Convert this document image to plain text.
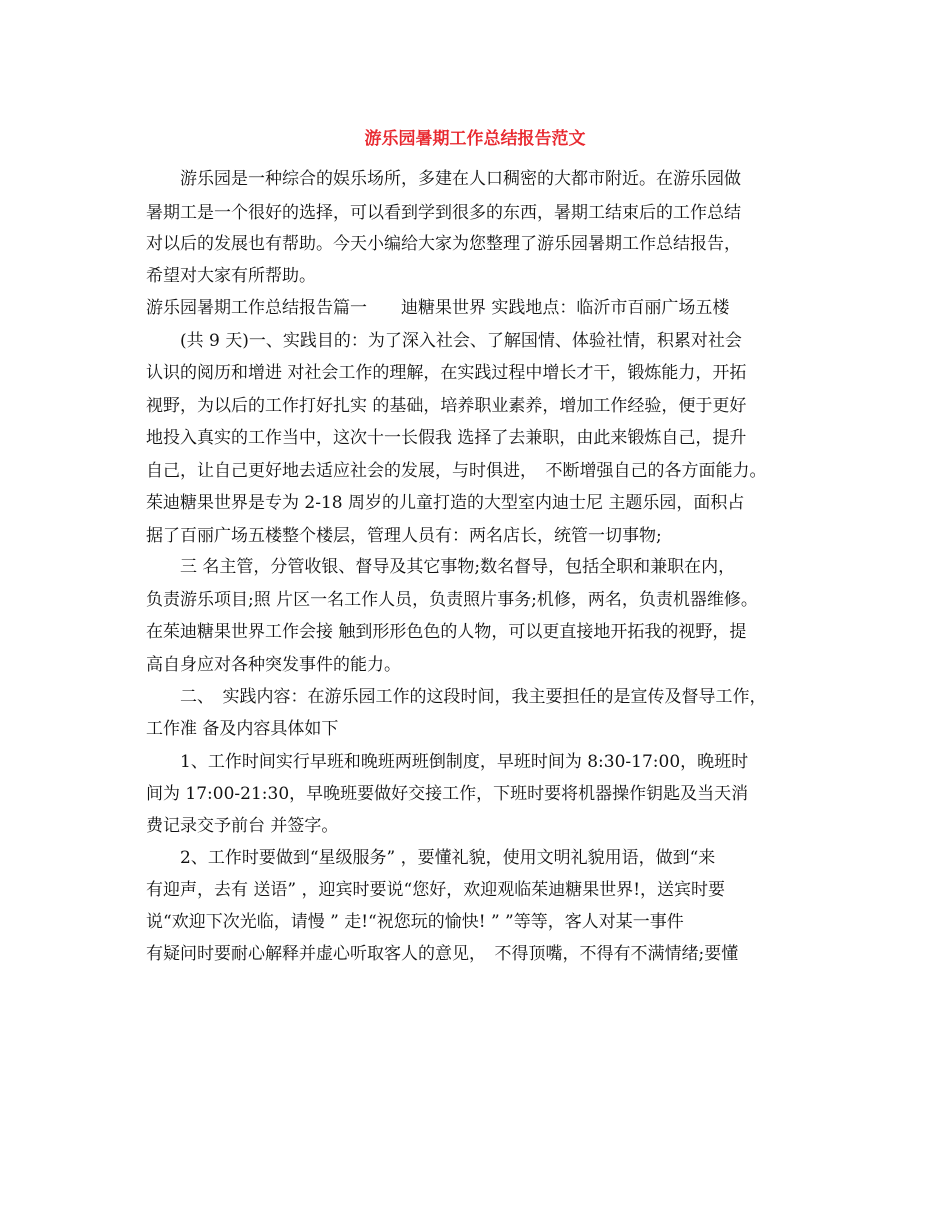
游乐园暑期工作总结报告范文

游乐园是一种综合的娱乐场所，多建在人口稠密的大都市附近。在游乐园做

暑期工是一个很好的选择，可以看到学到很多的东西，暑期工结束后的工作总结

对以后的发展也有帮助。今天小编给大家为您整理了游乐园暑期工作总结报告，

希望对大家有所帮助。

游乐园暑期工作总结报告篇一　　迪糖果世界 实践地点：临沂市百丽广场五楼

(共 9 天)一、实践目的：为了深入社会、了解国情、体验社情，积累对社会

认识的阅历和增进 对社会工作的理解，在实践过程中增长才干，锻炼能力，开拓

视野，为以后的工作打好扎实 的基础，培养职业素养，增加工作经验，便于更好

地投入真实的工作当中，这次十一长假我 选择了去兼职，由此来锻炼自己，提升

自己，让自己更好地去适应社会的发展，与时俱进，　不断增强自己的各方面能力。

茱迪糖果世界是专为 2-18 周岁的儿童打造的大型室内迪士尼 主题乐园，面积占

据了百丽广场五楼整个楼层，管理人员有：两名店长，统管一切事物;

三 名主管，分管收银、督导及其它事物;数名督导，包括全职和兼职在内，

负责游乐项目;照 片区一名工作人员，负责照片事务;机修，两名，负责机器维修。

在茱迪糖果世界工作会接 触到形形色色的人物，可以更直接地开拓我的视野，提

高自身应对各种突发事件的能力。

二、　实践内容：在游乐园工作的这段时间，我主要担任的是宣传及督导工作，

工作准 备及内容具体如下

1、工作时间实行早班和晚班两班倒制度，早班时间为 8:30-17:00，晚班时

间为 17:00-21:30，早晚班要做好交接工作，下班时要将机器操作钥匙及当天消

费记录交予前台 并签字。

2、工作时要做到“星级服务” ，要懂礼貌，使用文明礼貌用语，做到“来

有迎声，去有 送语” ，迎宾时要说“您好，欢迎观临茱迪糖果世界!，送宾时要

说“欢迎下次光临，请慢 ” 走!“祝您玩的愉快! ” ”等等，客人对某一事件

有疑问时要耐心解释并虚心听取客人的意见，　不得顶嘴，不得有不满情绪;要懂
